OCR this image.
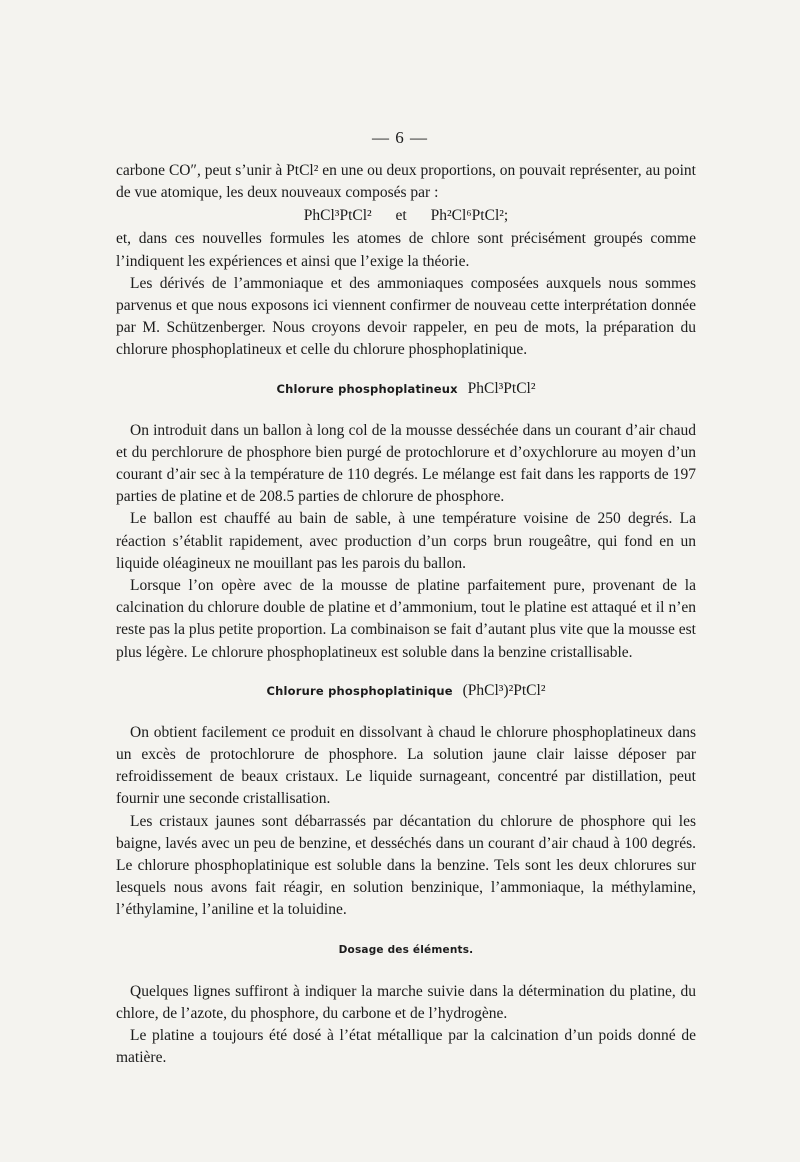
— 6 —

carbone CO″, peut s’unir à PtCl² en une ou deux proportions, on pouvait représenter, au point de vue atomique, les deux nouveaux composés par :

PhCl³PtCl² et Ph²Cl⁶PtCl²;

et, dans ces nouvelles formules les atomes de chlore sont précisément groupés comme l’indiquent les expériences et ainsi que l’exige la théorie.

Les dérivés de l’ammoniaque et des ammoniaques composées auxquels nous sommes parvenus et que nous exposons ici viennent confirmer de nouveau cette interprétation donnée par M. Schützenberger. Nous croyons devoir rappeler, en peu de mots, la préparation du chlorure phosphoplatineux et celle du chlorure phosphoplatinique.

Chlorure phosphoplatineux PhCl³PtCl²

On introduit dans un ballon à long col de la mousse desséchée dans un courant d’air chaud et du perchlorure de phosphore bien purgé de protochlorure et d’oxychlorure au moyen d’un courant d’air sec à la température de 110 degrés. Le mélange est fait dans les rapports de 197 parties de platine et de 208.5 parties de chlorure de phosphore.

Le ballon est chauffé au bain de sable, à une température voisine de 250 degrés. La réaction s’établit rapidement, avec production d’un corps brun rougeâtre, qui fond en un liquide oléagineux ne mouillant pas les parois du ballon.

Lorsque l’on opère avec de la mousse de platine parfaitement pure, provenant de la calcination du chlorure double de platine et d’ammonium, tout le platine est attaqué et il n’en reste pas la plus petite proportion. La combinaison se fait d’autant plus vite que la mousse est plus légère. Le chlorure phosphoplatineux est soluble dans la benzine cristallisable.

Chlorure phosphoplatinique (PhCl³)²PtCl²

On obtient facilement ce produit en dissolvant à chaud le chlorure phosphoplatineux dans un excès de protochlorure de phosphore. La solution jaune clair laisse déposer par refroidissement de beaux cristaux. Le liquide surnageant, concentré par distillation, peut fournir une seconde cristallisation.

Les cristaux jaunes sont débarrassés par décantation du chlorure de phosphore qui les baigne, lavés avec un peu de benzine, et desséchés dans un courant d’air chaud à 100 degrés. Le chlorure phosphoplatinique est soluble dans la benzine. Tels sont les deux chlorures sur lesquels nous avons fait réagir, en solution benzinique, l’ammoniaque, la méthylamine, l’éthylamine, l’aniline et la toluidine.

Dosage des éléments.

Quelques lignes suffiront à indiquer la marche suivie dans la détermination du platine, du chlore, de l’azote, du phosphore, du carbone et de l’hydrogène.

Le platine a toujours été dosé à l’état métallique par la calcination d’un poids donné de matière.
